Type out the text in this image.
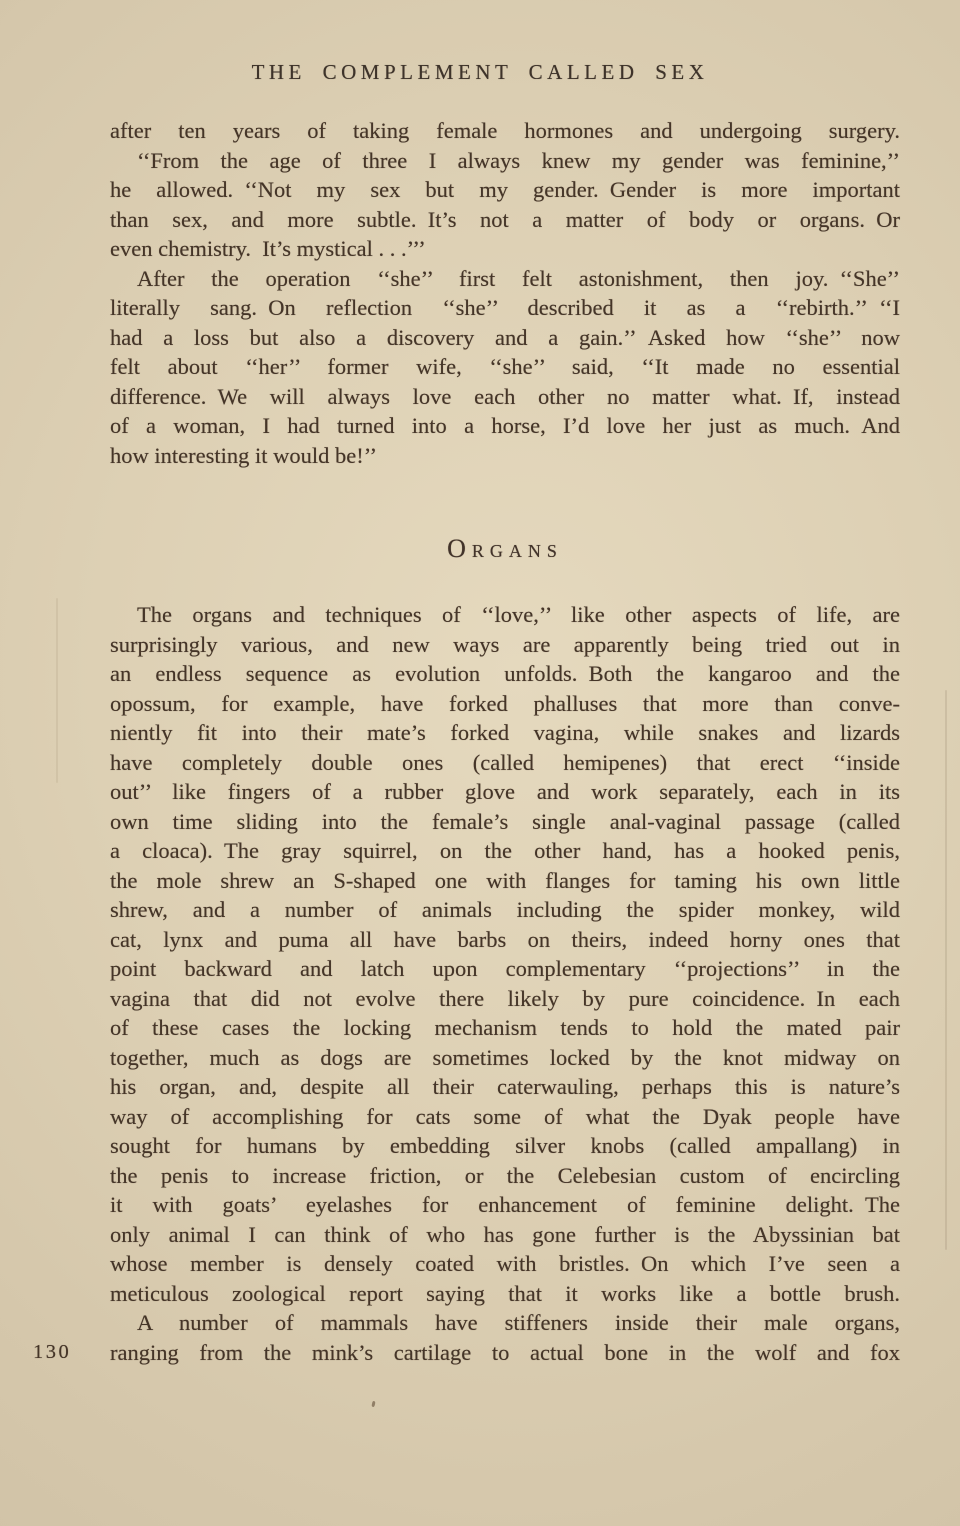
THE COMPLEMENT CALLED SEX
after ten years of taking female hormones and undergoing surgery.
‘‘From the age of three I always knew my gender was feminine,’’
he allowed. ‘‘Not my sex but my gender. Gender is more important
than sex, and more subtle. It’s not a matter of body or organs. Or
even chemistry. It’s mystical . . .’’’
After the operation ‘‘she’’ first felt astonishment, then joy. ‘‘She’’
literally sang. On reflection ‘‘she’’ described it as a ‘‘rebirth.’’ ‘‘I
had a loss but also a discovery and a gain.’’ Asked how ‘‘she’’ now
felt about ‘‘her’’ former wife, ‘‘she’’ said, ‘‘It made no essential
difference. We will always love each other no matter what. If, instead
of a woman, I had turned into a horse, I’d love her just as much. And
how interesting it would be!’’
Organs
The organs and techniques of ‘‘love,’’ like other aspects of life, are
surprisingly various, and new ways are apparently being tried out in
an endless sequence as evolution unfolds. Both the kangaroo and the
opossum, for example, have forked phalluses that more than conve-
niently fit into their mate’s forked vagina, while snakes and lizards
have completely double ones (called hemipenes) that erect ‘‘inside
out’’ like fingers of a rubber glove and work separately, each in its
own time sliding into the female’s single anal-vaginal passage (called
a cloaca). The gray squirrel, on the other hand, has a hooked penis,
the mole shrew an S-shaped one with flanges for taming his own little
shrew, and a number of animals including the spider monkey, wild
cat, lynx and puma all have barbs on theirs, indeed horny ones that
point backward and latch upon complementary ‘‘projections’’ in the
vagina that did not evolve there likely by pure coincidence. In each
of these cases the locking mechanism tends to hold the mated pair
together, much as dogs are sometimes locked by the knot midway on
his organ, and, despite all their caterwauling, perhaps this is nature’s
way of accomplishing for cats some of what the Dyak people have
sought for humans by embedding silver knobs (called ampallang) in
the penis to increase friction, or the Celebesian custom of encircling
it with goats’ eyelashes for enhancement of feminine delight. The
only animal I can think of who has gone further is the Abyssinian bat
whose member is densely coated with bristles. On which I’ve seen a
meticulous zoological report saying that it works like a bottle brush.
A number of mammals have stiffeners inside their male organs,
ranging from the mink’s cartilage to actual bone in the wolf and fox
130
